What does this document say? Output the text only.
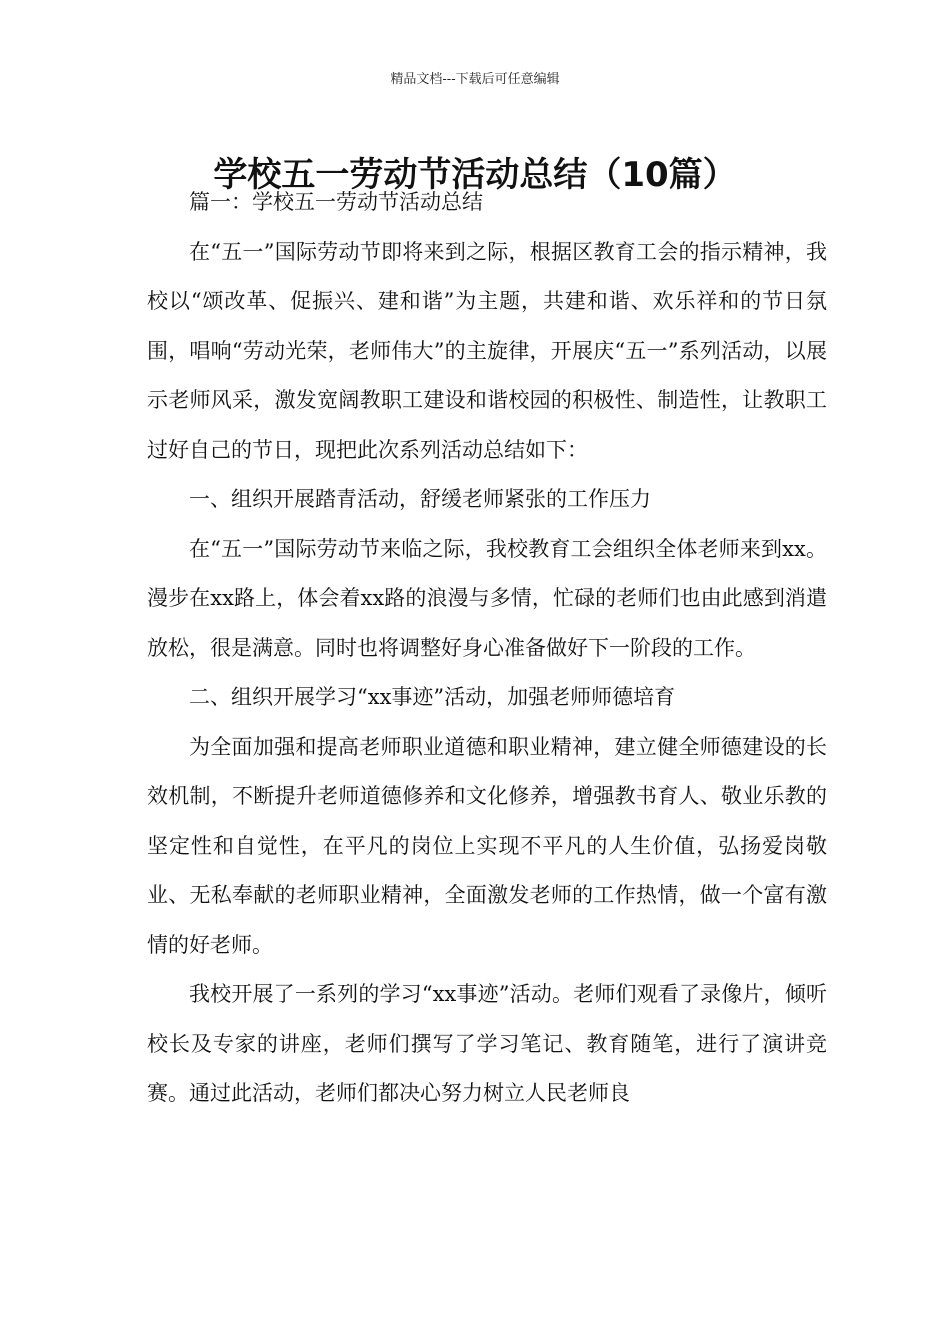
精品文档---下载后可任意编辑
学校五一劳动节活动总结（10篇）

篇一：学校五一劳动节活动总结

在“五一”国际劳动节即将来到之际，根据区教育工会的指示精神，我校以“颂改革、促振兴、建和谐”为主题，共建和谐、欢乐祥和的节日氛围，唱响“劳动光荣，老师伟大”的主旋律，开展庆“五一”系列活动，以展示老师风采，激发宽阔教职工建设和谐校园的积极性、制造性，让教职工过好自己的节日，现把此次系列活动总结如下：

一、组织开展踏青活动，舒缓老师紧张的工作压力

在“五一”国际劳动节来临之际，我校教育工会组织全体老师来到xx。漫步在xx路上，体会着xx路的浪漫与多情，忙碌的老师们也由此感到消遣放松，很是满意。同时也将调整好身心准备做好下一阶段的工作。

二、组织开展学习“xx事迹”活动，加强老师师德培育

为全面加强和提高老师职业道德和职业精神，建立健全师德建设的长效机制，不断提升老师道德修养和文化修养，增强教书育人、敬业乐教的坚定性和自觉性，在平凡的岗位上实现不平凡的人生价值，弘扬爱岗敬业、无私奉献的老师职业精神，全面激发老师的工作热情，做一个富有激情的好老师。

我校开展了一系列的学习“xx事迹”活动。老师们观看了录像片，倾听校长及专家的讲座，老师们撰写了学习笔记、教育随笔，进行了演讲竞赛。通过此活动，老师们都决心努力树立人民老师良
